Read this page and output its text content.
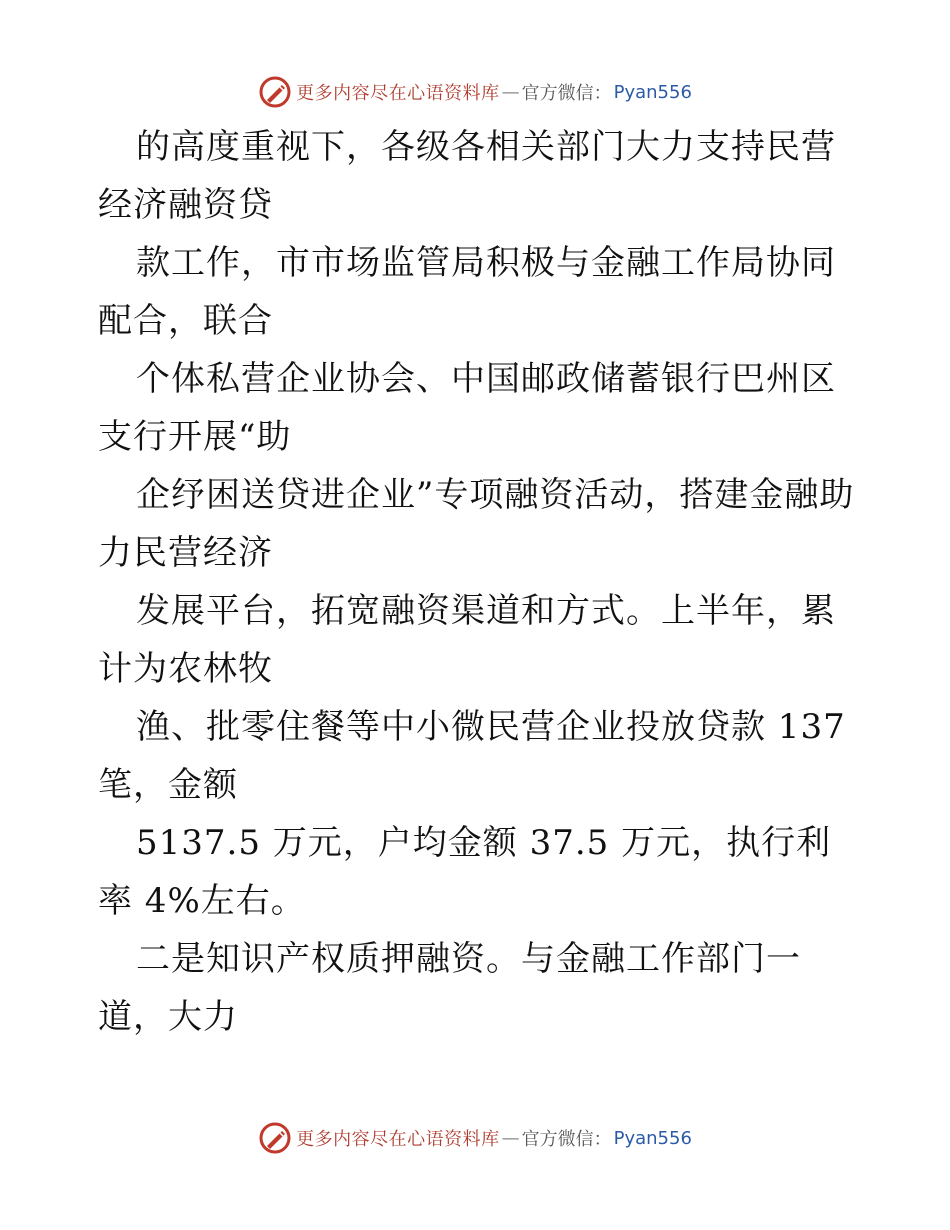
更多内容尽在心语资料库 — 官方微信： Pyan556

的高度重视下，各级各相关部门大力支持民营经济融资贷

款工作，市市场监管局积极与金融工作局协同配合，联合

个体私营企业协会、中国邮政储蓄银行巴州区支行开展“助

企纾困送贷进企业”专项融资活动，搭建金融助力民营经济

发展平台，拓宽融资渠道和方式。上半年，累计为农林牧

渔、批零住餐等中小微民营企业投放贷款 137 笔，金额

5137.5 万元，户均金额 37.5 万元，执行利率 4%左右。

二是知识产权质押融资。与金融工作部门一道，大力

更多内容尽在心语资料库 — 官方微信： Pyan556
